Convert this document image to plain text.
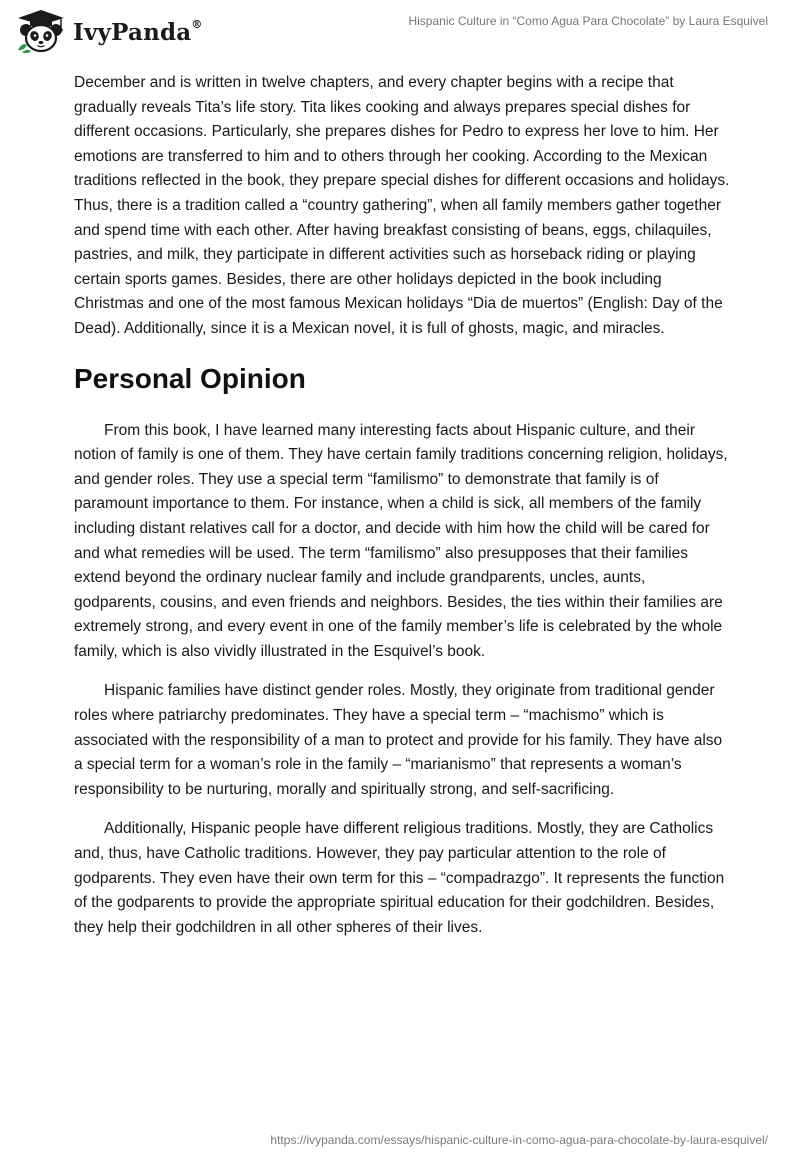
IvyPanda®	Hispanic Culture in “Como Agua Para Chocolate” by Laura Esquivel

December and is written in twelve chapters, and every chapter begins with a recipe that gradually reveals Tita’s life story. Tita likes cooking and always prepares special dishes for different occasions. Particularly, she prepares dishes for Pedro to express her love to him. Her emotions are transferred to him and to others through her cooking. According to the Mexican traditions reflected in the book, they prepare special dishes for different occasions and holidays. Thus, there is a tradition called a “country gathering”, when all family members gather together and spend time with each other. After having breakfast consisting of beans, eggs, chilaquiles, pastries, and milk, they participate in different activities such as horseback riding or playing certain sports games. Besides, there are other holidays depicted in the book including Christmas and one of the most famous Mexican holidays “Dia de muertos” (English: Day of the Dead). Additionally, since it is a Mexican novel, it is full of ghosts, magic, and miracles.

Personal Opinion

From this book, I have learned many interesting facts about Hispanic culture, and their notion of family is one of them. They have certain family traditions concerning religion, holidays, and gender roles. They use a special term “familismo” to demonstrate that family is of paramount importance to them. For instance, when a child is sick, all members of the family including distant relatives call for a doctor, and decide with him how the child will be cared for and what remedies will be used. The term “familismo” also presupposes that their families extend beyond the ordinary nuclear family and include grandparents, uncles, aunts, godparents, cousins, and even friends and neighbors. Besides, the ties within their families are extremely strong, and every event in one of the family member’s life is celebrated by the whole family, which is also vividly illustrated in the Esquivel’s book.

Hispanic families have distinct gender roles. Mostly, they originate from traditional gender roles where patriarchy predominates. They have a special term – “machismo” which is associated with the responsibility of a man to protect and provide for his family. They have also a special term for a woman’s role in the family – “marianismo” that represents a woman’s responsibility to be nurturing, morally and spiritually strong, and self-sacrificing.

Additionally, Hispanic people have different religious traditions. Mostly, they are Catholics and, thus, have Catholic traditions. However, they pay particular attention to the role of godparents. They even have their own term for this – “compadrazgo”. It represents the function of the godparents to provide the appropriate spiritual education for their godchildren. Besides, they help their godchildren in all other spheres of their lives.

https://ivypanda.com/essays/hispanic-culture-in-como-agua-para-chocolate-by-laura-esquivel/
